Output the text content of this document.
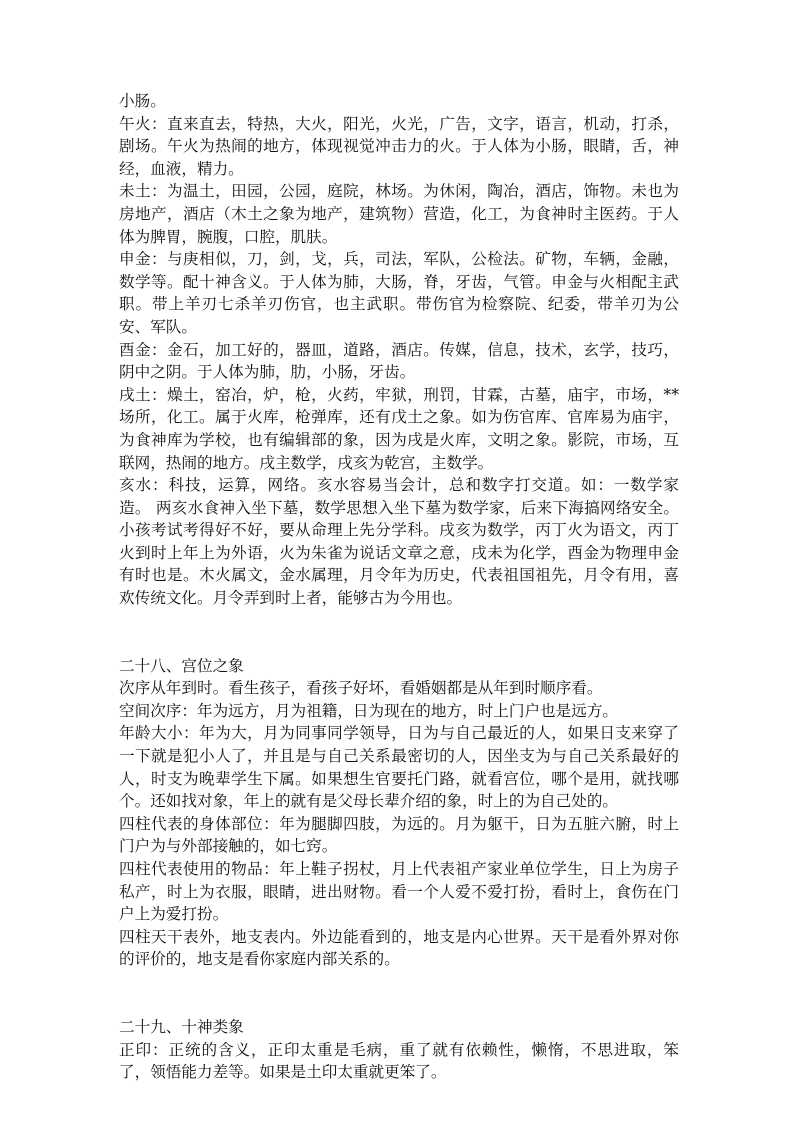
小肠。

午火：直来直去，特热，大火，阳光，火光，广告，文字，语言，机动，打杀，剧场。午火为热闹的地方，体现视觉冲击力的火。于人体为小肠，眼睛，舌，神经，血液，精力。

未土：为温土，田园，公园，庭院，林场。为休闲，陶冶，酒店，饰物。未也为房地产，酒店（木土之象为地产，建筑物）营造，化工，为食神时主医药。于人体为脾胃，腕腹，口腔，肌肤。

申金：与庚相似，刀，剑，戈，兵，司法，军队，公检法。矿物，车辆，金融，数学等。配十神含义。于人体为肺，大肠，脊，牙齿，气管。申金与火相配主武职。带上羊刃七杀羊刃伤官，也主武职。带伤官为检察院、纪委，带羊刃为公安、军队。

酉金：金石，加工好的，器皿，道路，酒店。传媒，信息，技术，玄学，技巧，阴中之阴。于人体为肺，肋，小肠，牙齿。

戌土：燥土，窑冶，炉，枪，火药，牢狱，刑罚，甘霖，古墓，庙宇，市场，**场所，化工。属于火库，枪弹库，还有戊土之象。如为伤官库、官库易为庙宇，为食神库为学校，也有编辑部的象，因为戌是火库，文明之象。影院，市场，互联网，热闹的地方。戌主数学，戌亥为乾宫，主数学。

亥水：科技，运算，网络。亥水容易当会计，总和数字打交道。如：一数学家造。 两亥水食神入坐下墓，数学思想入坐下墓为数学家，后来下海搞网络安全。小孩考试考得好不好，要从命理上先分学科。戌亥为数学，丙丁火为语文，丙丁火到时上年上为外语，火为朱雀为说话文章之意，戌未为化学，酉金为物理申金有时也是。木火属文，金水属理，月令年为历史，代表祖国祖先，月令有用，喜欢传统文化。月令弄到时上者，能够古为今用也。

二十八、宫位之象

次序从年到时。看生孩子，看孩子好坏，看婚姻都是从年到时顺序看。

空间次序：年为远方，月为祖籍，日为现在的地方，时上门户也是远方。

年龄大小：年为大，月为同事同学领导，日为与自己最近的人，如果日支来穿了一下就是犯小人了，并且是与自己关系最密切的人，因坐支为与自己关系最好的人，时支为晚辈学生下属。如果想生官要托门路，就看宫位，哪个是用，就找哪个。还如找对象，年上的就有是父母长辈介绍的象，时上的为自己处的。

四柱代表的身体部位：年为腿脚四肢，为远的。月为躯干，日为五脏六腑，时上门户为与外部接触的，如七窍。

四柱代表使用的物品：年上鞋子拐杖，月上代表祖产家业单位学生，日上为房子私产，时上为衣服，眼睛，进出财物。看一个人爱不爱打扮，看时上，食伤在门户上为爱打扮。

四柱天干表外，地支表内。外边能看到的，地支是内心世界。天干是看外界对你的评价的，地支是看你家庭内部关系的。

二十九、十神类象

正印：正统的含义，正印太重是毛病，重了就有依赖性，懒惰，不思进取，笨了，领悟能力差等。如果是土印太重就更笨了。
